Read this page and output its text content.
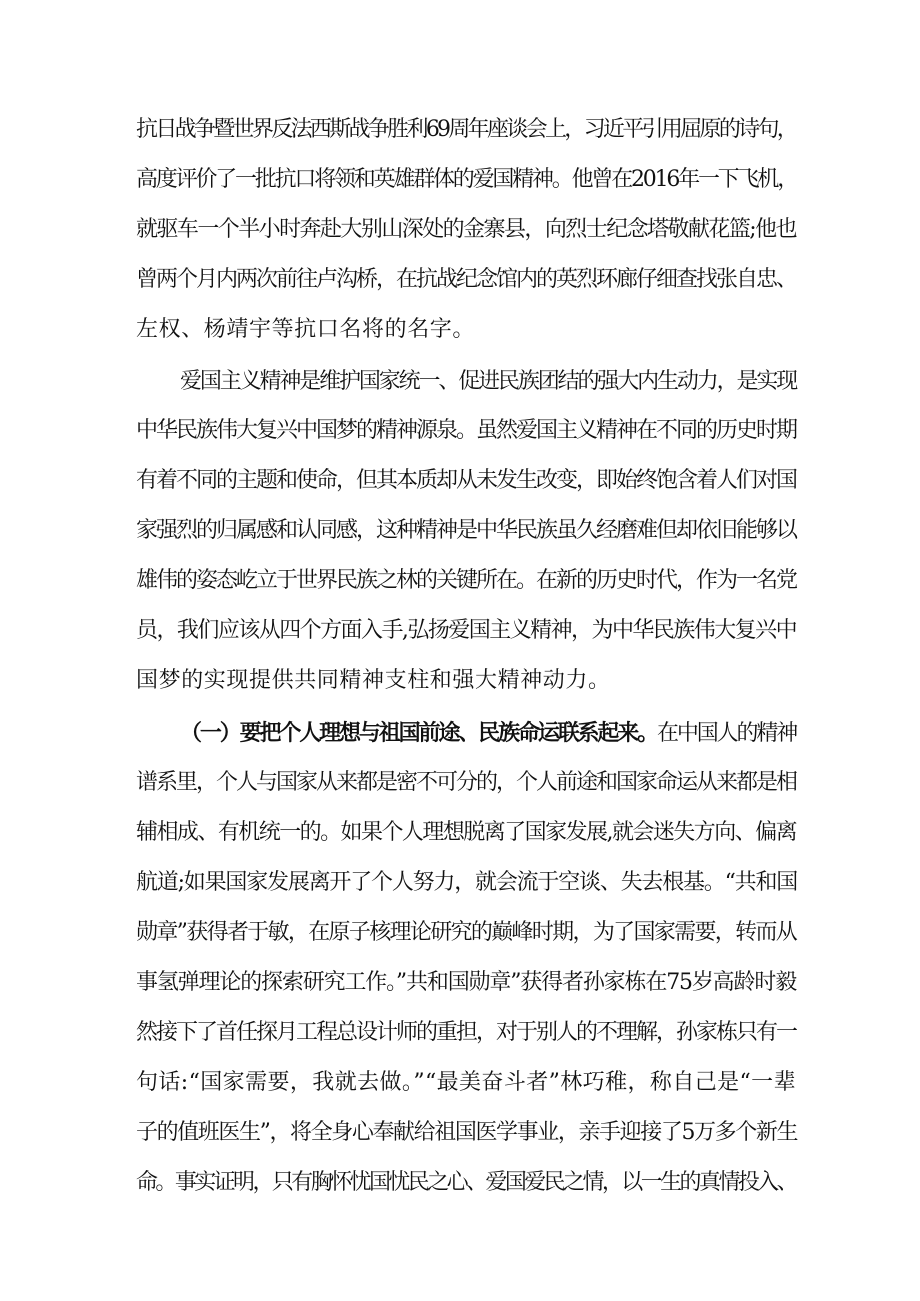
抗日战争暨世界反法西斯战争胜利69周年座谈会上，习近平引用屈原的诗句，
高度评价了一批抗口将领和英雄群体的爱国精神。他曾在2016年一下飞机，
就驱车一个半小时奔赴大别山深处的金寨县，向烈士纪念塔敬献花篮;他也
曾两个月内两次前往卢沟桥，在抗战纪念馆内的英烈环廊仔细查找张自忠、
左权、杨靖宇等抗口名将的名字。
爱国主义精神是维护国家统一、促进民族团结的强大内生动力，是实现
中华民族伟大复兴中国梦的精神源泉。虽然爱国主义精神在不同的历史时期
有着不同的主题和使命，但其本质却从未发生改变，即始终饱含着人们对国
家强烈的归属感和认同感，这种精神是中华民族虽久经磨难但却依旧能够以
雄伟的姿态屹立于世界民族之林的关键所在。在新的历史时代，作为一名党
员，我们应该从四个方面入手,弘扬爱国主义精神，为中华民族伟大复兴中
国梦的实现提供共同精神支柱和强大精神动力。
（一）要把个人理想与祖国前途、民族命运联系起来。在中国人的精神
谱系里，个人与国家从来都是密不可分的，个人前途和国家命运从来都是相
辅相成、有机统一的。如果个人理想脱离了国家发展,就会迷失方向、偏离
航道;如果国家发展离开了个人努力，就会流于空谈、失去根基。“共和国
勋章”获得者于敏，在原子核理论研究的巅峰时期，为了国家需要，转而从
事氢弹理论的探索研究工作。”共和国勋章”获得者孙家栋在75岁高龄时毅
然接下了首任探月工程总设计师的重担，对于别人的不理解，孙家栋只有一
句话:“国家需要，我就去做。”“最美奋斗者”林巧稚，称自己是“一辈
子的值班医生”，将全身心奉献给祖国医学事业，亲手迎接了5万多个新生
命。事实证明，只有胸怀忧国忧民之心、爱国爱民之情，以一生的真情投入、
